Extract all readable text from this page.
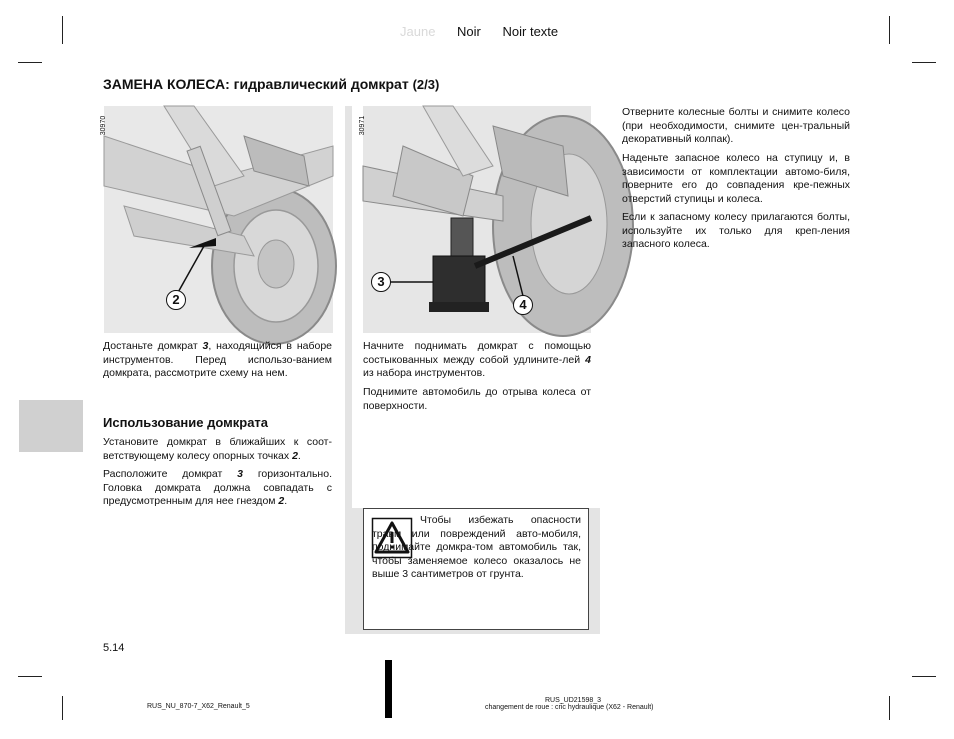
Jaune Noir Noir texte
ЗАМЕНА КОЛЕСА: гидравлический домкрат (2/3)
30970
2
30971
3
4
Достаньте домкрат 3, находящийся в наборе инструментов. Перед использо-ванием домкрата, рассмотрите схему на нем.
Использование домкрата
Установите домкрат в ближайших к соот-ветствующему колесу опорных точках 2.
Расположите домкрат 3 горизонтально. Головка домкрата должна совпадать с предусмотренным для нее гнездом 2.
Начните поднимать домкрат с помощью состыкованных между собой удлините-лей 4 из набора инструментов.
Поднимите автомобиль до отрыва колеса от поверхности.
Чтобы избежать опасности травм или повреждений авто-мобиля, поднимайте домкра-том автомобиль так, чтобы заменяемое колесо оказалось не выше 3 сантиметров от грунта.
Отверните колесные болты и снимите колесо (при необходимости, снимите цен-тральный декоративный колпак).
Наденьте запасное колесо на ступицу и, в зависимости от комплектации автомо-биля, поверните его до совпадения кре-пежных отверстий ступицы и колеса.
Если к запасному колесу прилагаются болты, используйте их только для креп-ления запасного колеса.
5.14
RUS_NU_870-7_X62_Renault_5
RUS_UD21598_3
changement de roue : cric hydraulique (X62 - Renault)
